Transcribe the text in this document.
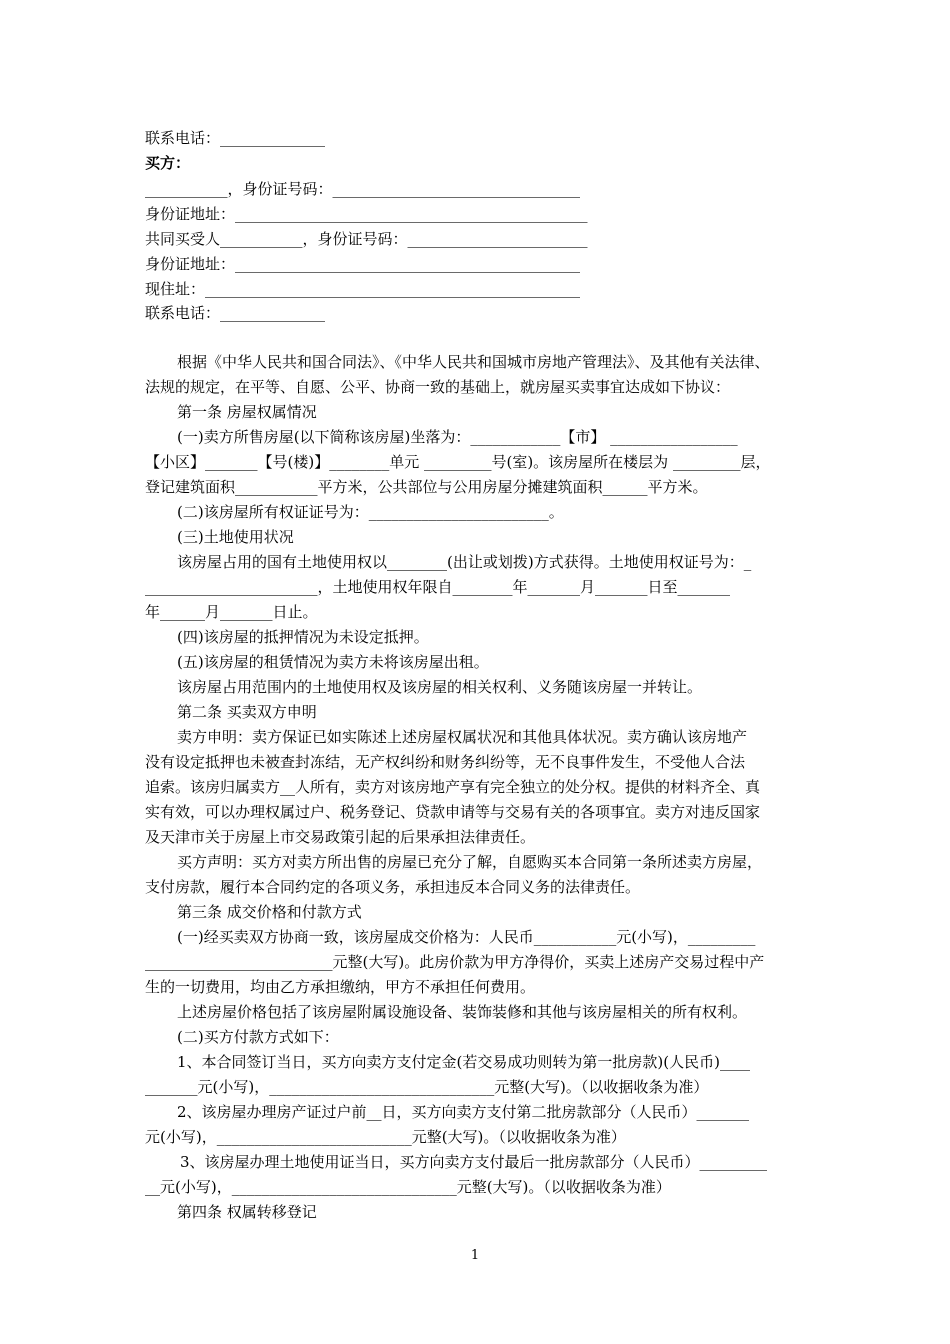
联系电话：______________
买方：
___________，身份证号码：_________________________________
身份证地址：_______________________________________________
共同买受人___________，身份证号码：________________________
身份证地址：______________________________________________
现住址：__________________________________________________
联系电话：______________
根据《中华人民共和国合同法》、《中华人民共和国城市房地产管理法》、及其他有关法律、
法规的规定，在平等、自愿、公平、协商一致的基础上，就房屋买卖事宜达成如下协议：
第一条 房屋权属情况
(一)卖方所售房屋(以下简称该房屋)坐落为：____________【市】 _________________
【小区】_______【号(楼)】________单元 _________号(室)。该房屋所在楼层为 _________层，
登记建筑面积___________平方米，公共部位与公用房屋分摊建筑面积______平方米。
(二)该房屋所有权证证号为：________________________。
(三)土地使用状况
该房屋占用的国有土地使用权以________(出让或划拨)方式获得。土地使用权证号为：_
_______________________，土地使用权年限自________年_______月_______日至_______
年______月_______日止。
(四)该房屋的抵押情况为未设定抵押。
(五)该房屋的租赁情况为卖方未将该房屋出租。
该房屋占用范围内的土地使用权及该房屋的相关权利、义务随该房屋一并转让。
第二条 买卖双方申明
卖方申明：卖方保证已如实陈述上述房屋权属状况和其他具体状况。卖方确认该房地产
没有设定抵押也未被查封冻结，无产权纠纷和财务纠纷等，无不良事件发生，不受他人合法
追索。该房归属卖方__人所有，卖方对该房地产享有完全独立的处分权。提供的材料齐全、真
实有效，可以办理权属过户、税务登记、贷款申请等与交易有关的各项事宜。卖方对违反国家
及天津市关于房屋上市交易政策引起的后果承担法律责任。
买方声明：买方对卖方所出售的房屋已充分了解，自愿购买本合同第一条所述卖方房屋，
支付房款，履行本合同约定的各项义务，承担违反本合同义务的法律责任。
第三条 成交价格和付款方式
(一)经买卖双方协商一致，该房屋成交价格为：人民币___________元(小写)，_________
_________________________元整(大写)。此房价款为甲方净得价，买卖上述房产交易过程中产
生的一切费用，均由乙方承担缴纳，甲方不承担任何费用。
上述房屋价格包括了该房屋附属设施设备、装饰装修和其他与该房屋相关的所有权利。
(二)买方付款方式如下：
1、本合同签订当日，买方向卖方支付定金(若交易成功则转为第一批房款)(人民币)____
_______元(小写)，______________________________元整(大写)。（以收据收条为准）
2、该房屋办理房产证过户前__日，买方向卖方支付第二批房款部分（人民币）_______
元(小写)，__________________________元整(大写)。（以收据收条为准）
3、该房屋办理土地使用证当日，买方向卖方支付最后一批房款部分（人民币）_________
__元(小写)，______________________________元整(大写)。（以收据收条为准）
第四条 权属转移登记
1
